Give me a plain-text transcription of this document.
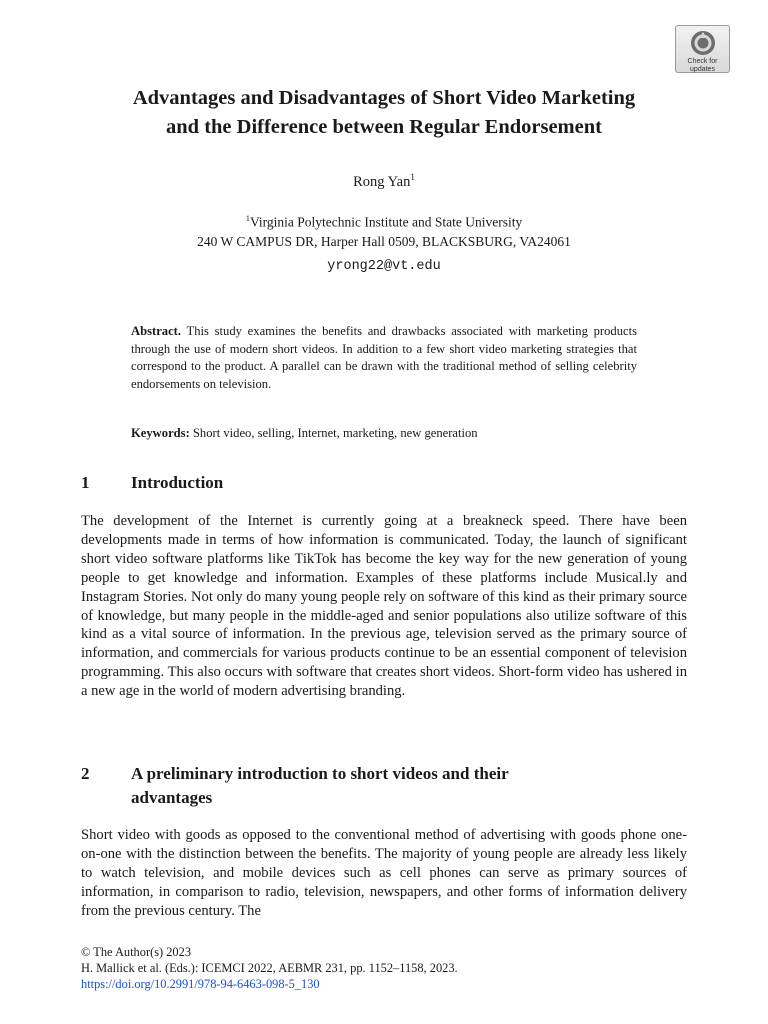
Check for
updates
Advantages and Disadvantages of Short Video Marketing
and the Difference between Regular Endorsement
Rong Yan$^1$
$^1$Virginia Polytechnic Institute and State University
240 W CAMPUS DR, Harper Hall 0509, BLACKSBURG, VA24061
yrong22@vt.edu
Abstract. This study examines the benefits and drawbacks associated with marketing products through the use of modern short videos. In addition to a few short video marketing strategies that correspond to the product. A parallel can be drawn with the traditional method of selling celebrity endorsements on television.
Keywords: Short video, selling, Internet, marketing, new generation
1 Introduction
The development of the Internet is currently going at a breakneck speed. There have been developments made in terms of how information is communicated. Today, the launch of significant short video software platforms like TikTok has become the key way for the new generation of young people to get knowledge and information. Examples of these platforms include Musical.ly and Instagram Stories. Not only do many young people rely on software of this kind as their primary source of knowledge, but many people in the middle-aged and senior populations also utilize software of this kind as a vital source of information. In the previous age, television served as the primary source of information, and commercials for various products continue to be an essential component of television programming. This also occurs with software that creates short videos. Short-form video has ushered in a new age in the world of modern advertising branding.
2 A preliminary introduction to short videos and their
advantages
Short video with goods as opposed to the conventional method of advertising with goods phone one-on-one with the distinction between the benefits. The majority of young people are already less likely to watch television, and mobile devices such as cell phones can serve as primary sources of information, in comparison to radio, television, newspapers, and other forms of information delivery from the previous century. The
© The Author(s) 2023
H. Mallick et al. (Eds.): ICEMCI 2022, AEBMR 231, pp. 1152–1158, 2023.
https://doi.org/10.2991/978-94-6463-098-5_130
